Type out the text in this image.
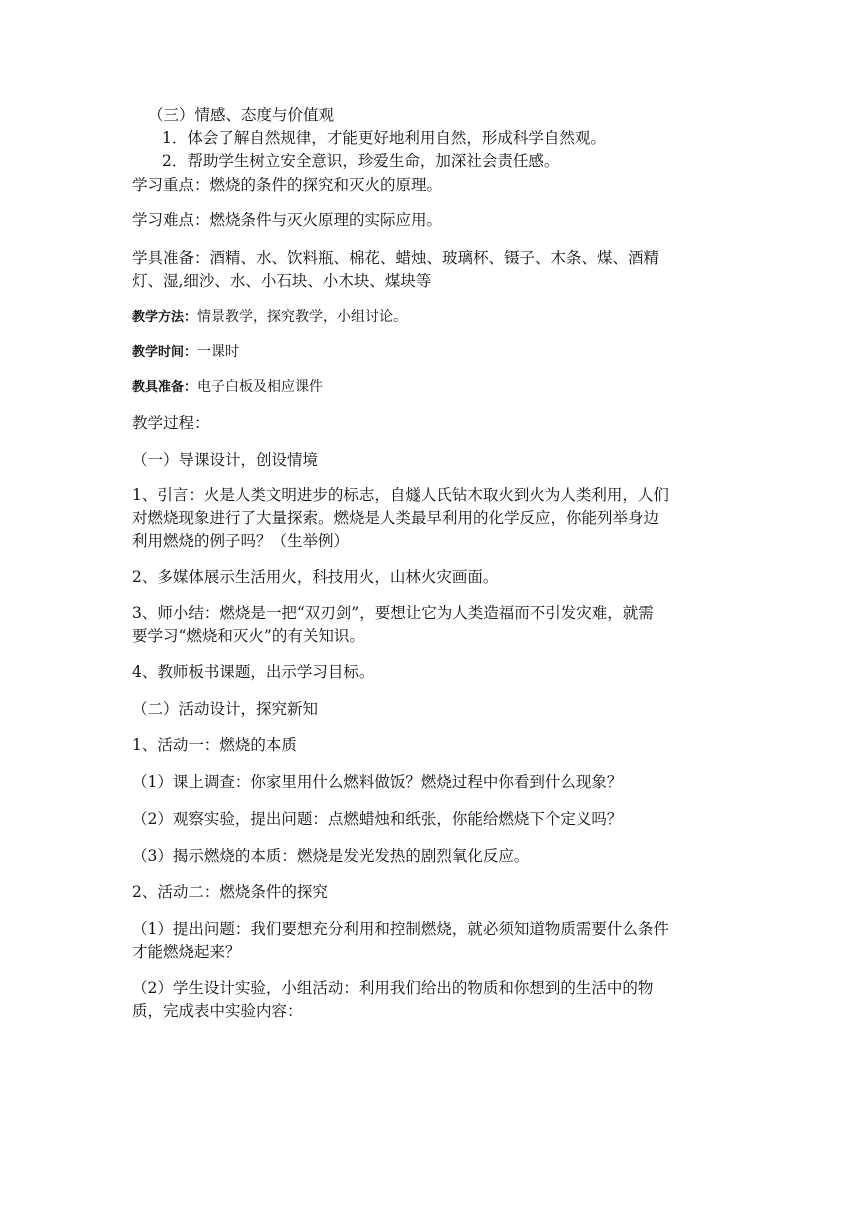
（三）情感、态度与价值观
1．体会了解自然规律，才能更好地利用自然，形成科学自然观。
2．帮助学生树立安全意识，珍爱生命，加深社会责任感。
学习重点：燃烧的条件的探究和灭火的原理。
学习难点：燃烧条件与灭火原理的实际应用。
学具准备：酒精、水、饮料瓶、棉花、蜡烛、玻璃杯、镊子、木条、煤、酒精
灯、湿,细沙、水、小石块、小木块、煤块等
教学方法：情景教学，探究教学，小组讨论。
教学时间：一课时
教具准备：电子白板及相应课件
教学过程：
（一）导课设计，创设情境
1、引言：火是人类文明进步的标志，自燧人氏钻木取火到火为人类利用，人们
对燃烧现象进行了大量探索。燃烧是人类最早利用的化学反应，你能列举身边
利用燃烧的例子吗？（生举例）
2、多媒体展示生活用火，科技用火，山林火灾画面。
3、师小结：燃烧是一把“双刃剑”，要想让它为人类造福而不引发灾难，就需
要学习“燃烧和灭火”的有关知识。
4、教师板书课题，出示学习目标。
（二）活动设计，探究新知
1、活动一：燃烧的本质
（1）课上调查：你家里用什么燃料做饭？燃烧过程中你看到什么现象？
（2）观察实验，提出问题：点燃蜡烛和纸张，你能给燃烧下个定义吗？
（3）揭示燃烧的本质：燃烧是发光发热的剧烈氧化反应。
2、活动二：燃烧条件的探究
（1）提出问题：我们要想充分利用和控制燃烧，就必须知道物质需要什么条件
才能燃烧起来？
（2）学生设计实验，小组活动：利用我们给出的物质和你想到的生活中的物
质，完成表中实验内容：
